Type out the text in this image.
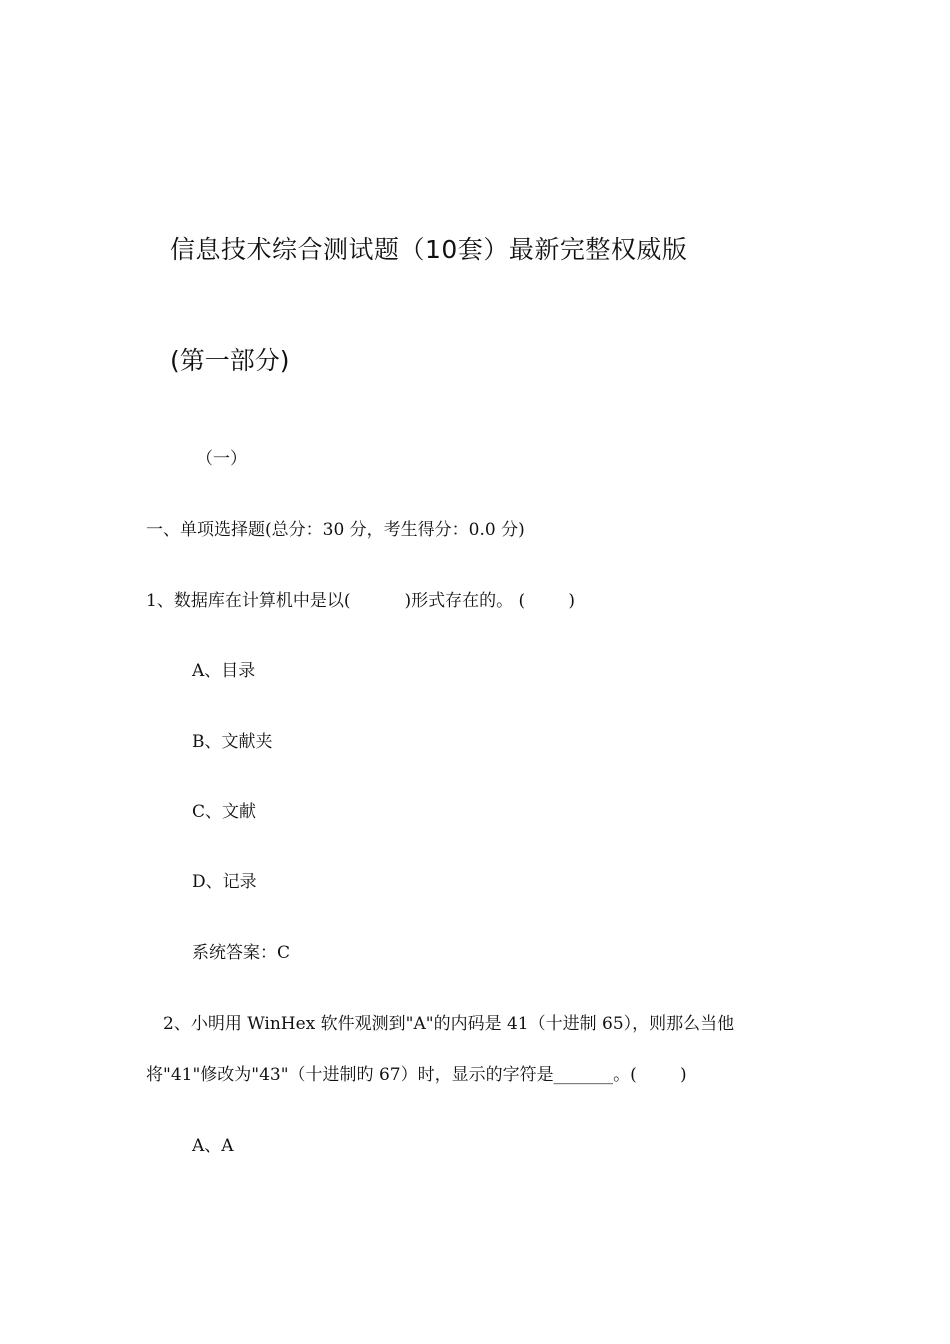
信息技术综合测试题（10套）最新完整权威版
(第一部分)
（一）
一、单项选择题(总分：30 分，考生得分：0.0 分)
1、数据库在计算机中是以(          )形式存在的。 (        )
A、目录
B、文献夹
C、文献
D、记录
系统答案：C
2、小明用 WinHex 软件观测到"A"的内码是 41（十进制 65），则那么当他
将"41"修改为"43"（十进制旳 67）时，显示的字符是_______。(        )
A、A
